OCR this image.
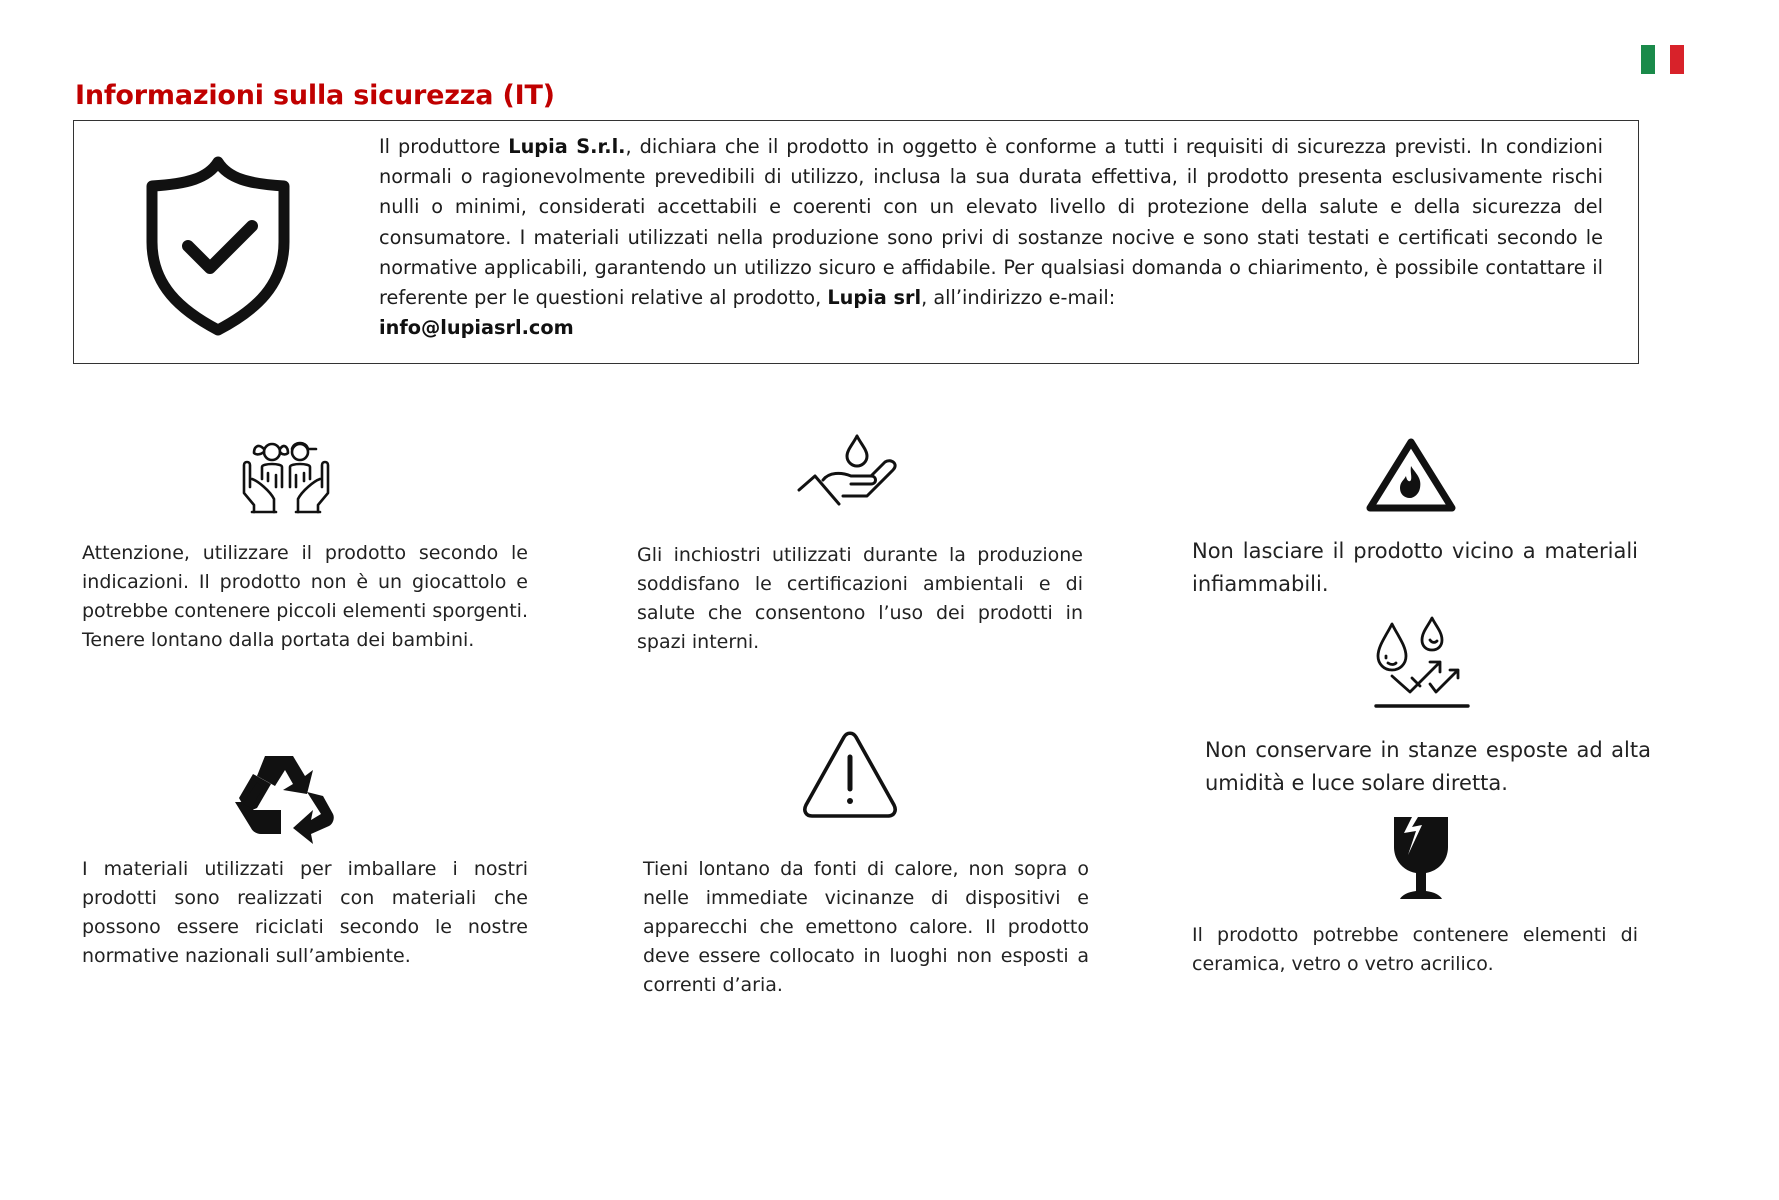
Informazioni sulla sicurezza (IT)
Il produttore Lupia S.r.l., dichiara che il prodotto in oggetto è conforme a tutti i requisiti di sicurezza previsti. In condizioni normali o ragionevolmente prevedibili di utilizzo, inclusa la sua durata effettiva, il prodotto presenta esclusivamente rischi nulli o minimi, considerati accettabili e coerenti con un elevato livello di protezione della salute e della sicurezza del consumatore. I materiali utilizzati nella produzione sono privi di sostanze nocive e sono stati testati e certificati secondo le normative applicabili, garantendo un utilizzo sicuro e affidabile. Per qualsiasi domanda o chiarimento, è possibile contattare il referente per le questioni relative al prodotto, Lupia srl, all’indirizzo e-mail:
info@lupiasrl.com
Attenzione, utilizzare il prodotto secondo le indicazioni. Il prodotto non è un giocattolo e potrebbe contenere piccoli elementi sporgenti. Tenere lontano dalla portata dei bambini.
Gli inchiostri utilizzati durante la produzione soddisfano le certificazioni ambientali e di salute che consentono l’uso dei prodotti in spazi interni.
Non lasciare il prodotto vicino a materiali infiammabili.
Non conservare in stanze esposte ad alta umidità e luce solare diretta.
I materiali utilizzati per imballare i nostri prodotti sono realizzati con materiali che possono essere riciclati secondo le nostre normative nazionali sull’ambiente.
Tieni lontano da fonti di calore, non sopra o nelle immediate vicinanze di dispositivi e apparecchi che emettono calore. Il prodotto deve essere collocato in luoghi non esposti a correnti d’aria.
Il prodotto potrebbe contenere elementi di ceramica, vetro o vetro acrilico.
